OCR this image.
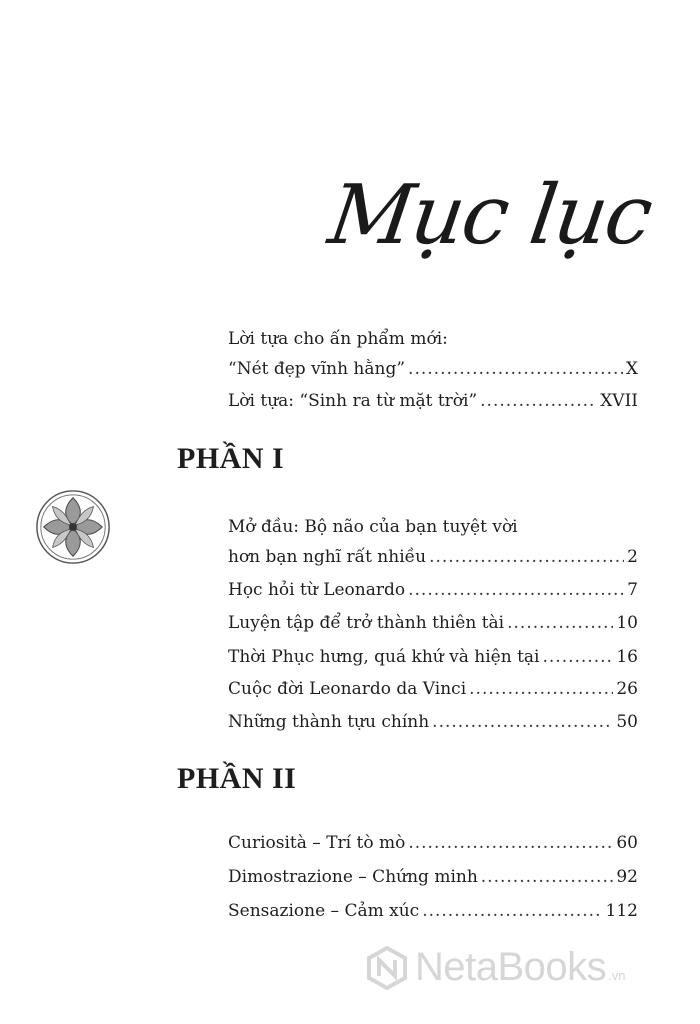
Mục lục
Lời tựa cho ấn phẩm mới:
“Nét đẹp vĩnh hằng” .....	X
Lời tựa: “Sinh ra từ mặt trời” .....	XVII
PHẦN I
Mở đầu: Bộ não của bạn tuyệt vời
hơn bạn nghĩ rất nhiều .....	2
Học hỏi từ Leonardo .....	7
Luyện tập để trở thành thiên tài .....	10
Thời Phục hưng, quá khứ và hiện tại .....	16
Cuộc đời Leonardo da Vinci .....	26
Những thành tựu chính .....	50
PHẦN II
Curiosità – Trí tò mò .....	60
Dimostrazione – Chứng minh .....	92
Sensazione – Cảm xúc .....	112
NetaBooks .vn
